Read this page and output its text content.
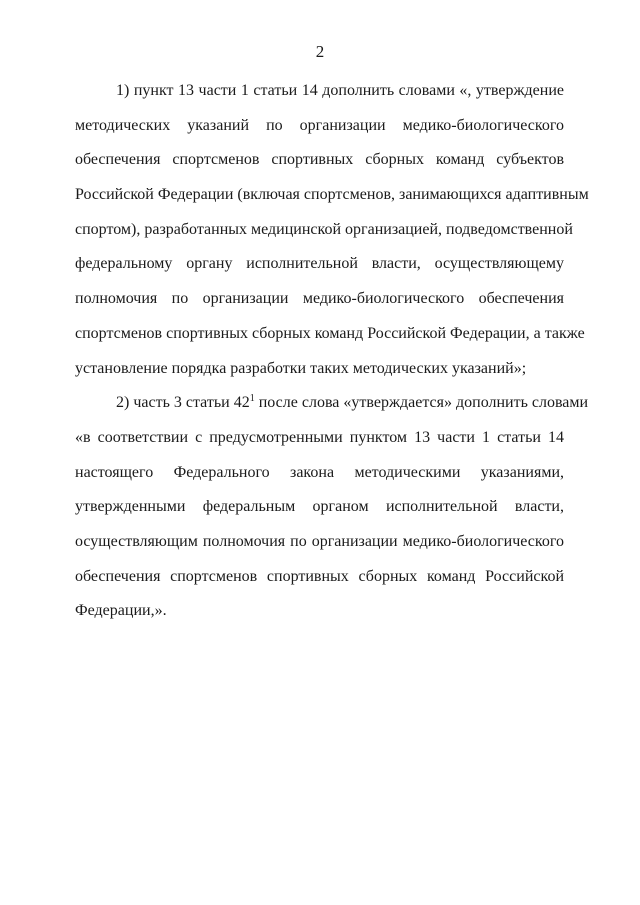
2
1) пункт 13 части 1 статьи 14 дополнить словами «, утверждение
методических указаний по организации медико-биологического
обеспечения спортсменов спортивных сборных команд субъектов
Российской Федерации (включая спортсменов, занимающихся адаптивным
спортом), разработанных медицинской организацией, подведомственной
федеральному органу исполнительной власти, осуществляющему
полномочия по организации медико-биологического обеспечения
спортсменов спортивных сборных команд Российской Федерации, а также
установление порядка разработки таких методических указаний»;
2) часть 3 статьи $42^1$ после слова «утверждается» дополнить словами
«в соответствии с предусмотренными пунктом 13 части 1 статьи 14
настоящего Федерального закона методическими указаниями,
утвержденными федеральным органом исполнительной власти,
осуществляющим полномочия по организации медико-биологического
обеспечения спортсменов спортивных сборных команд Российской
Федерации,».
